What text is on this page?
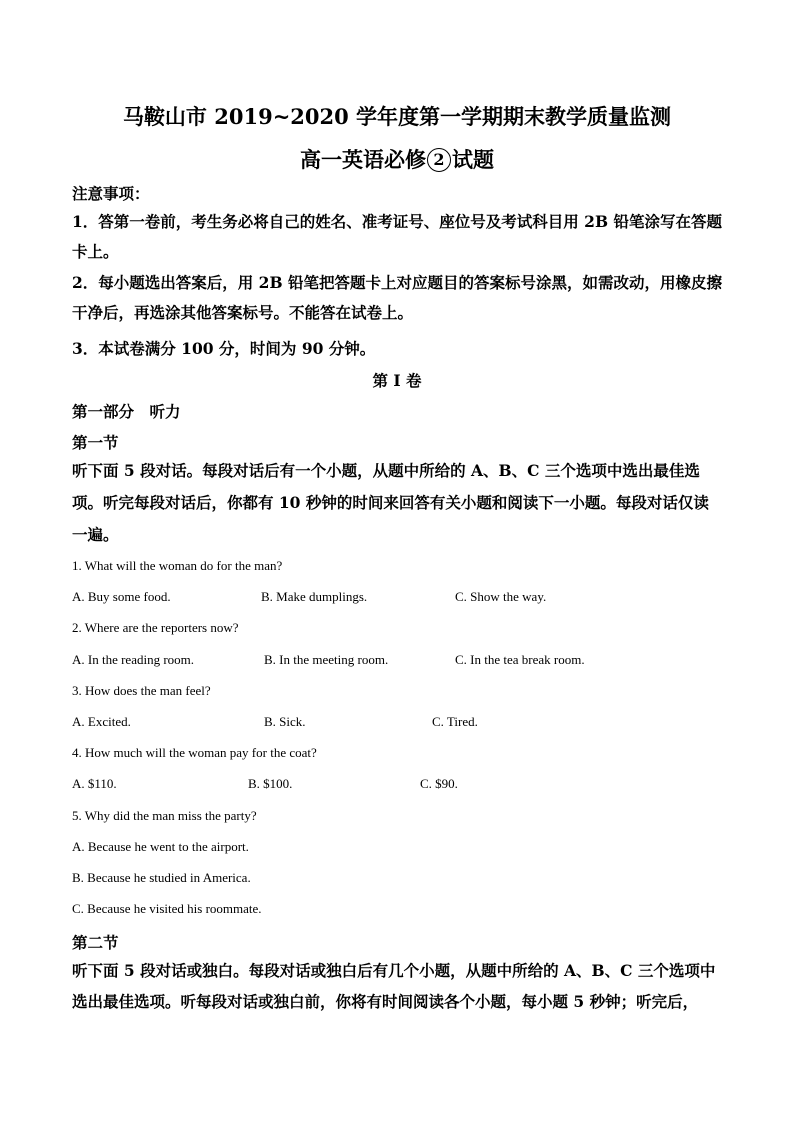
马鞍山市 2019~2020 学年度第一学期期末教学质量监测
高一英语必修 2 试题
注意事项：
1．答第一卷前，考生务必将自己的姓名、准考证号、座位号及考试科目用 2B 铅笔涂写在答题卡上。
2．每小题选出答案后，用 2B 铅笔把答题卡上对应题目的答案标号涂黑，如需改动，用橡皮擦干净后，再选涂其他答案标号。不能答在试卷上。
3．本试卷满分 100 分，时间为 90 分钟。
第 I 卷
第一部分　听力
第一节
听下面 5 段对话。每段对话后有一个小题，从题中所给的 A、B、C 三个选项中选出最佳选项。听完每段对话后，你都有 10 秒钟的时间来回答有关小题和阅读下一小题。每段对话仅读一遍。
1. What will the woman do for the man?
A. Buy some food.	B. Make dumplings.	C. Show the way.
2. Where are the reporters now?
A. In the reading room.	B. In the meeting room.	C. In the tea break room.
3. How does the man feel?
A. Excited.	B. Sick.	C. Tired.
4. How much will the woman pay for the coat?
A. $110.	B. $100.	C. $90.
5. Why did the man miss the party?
A. Because he went to the airport.
B. Because he studied in America.
C. Because he visited his roommate.
第二节
听下面 5 段对话或独白。每段对话或独白后有几个小题，从题中所给的 A、B、C 三个选项中选出最佳选项。听每段对话或独白前，你将有时间阅读各个小题，每小题 5 秒钟；听完后，
